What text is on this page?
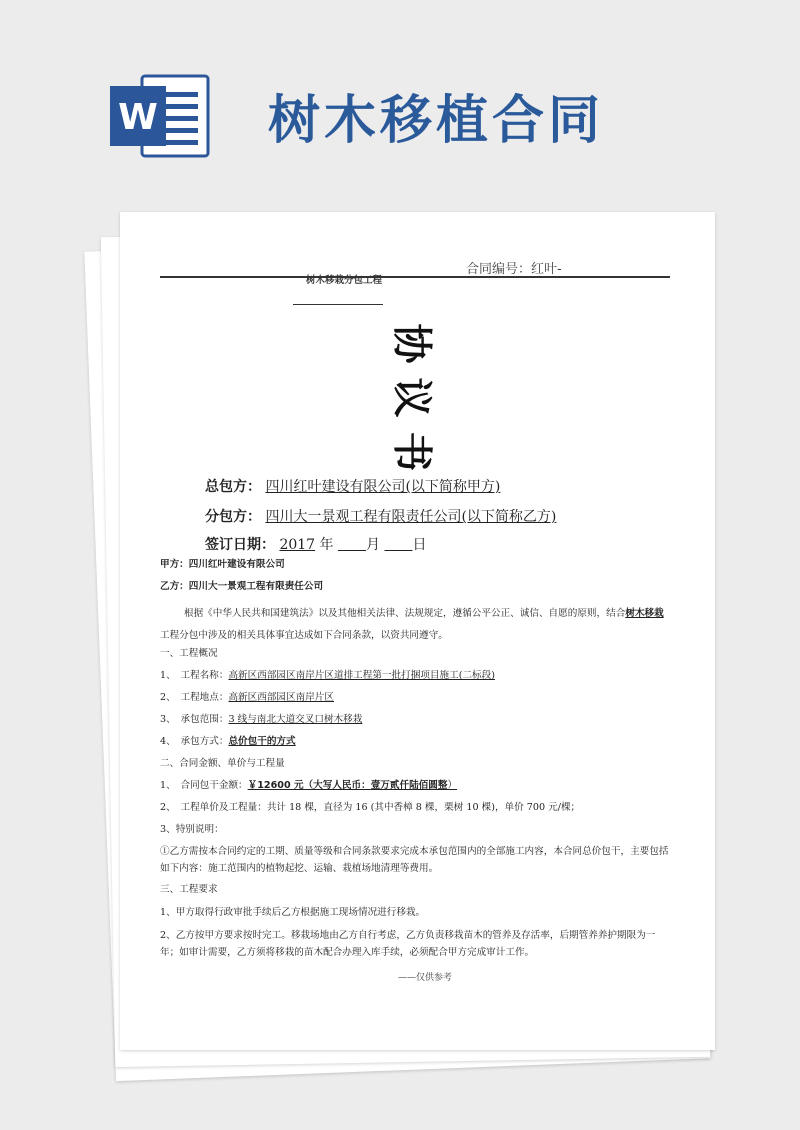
W 树木移植合同
合同编号：红叶-
树木移栽分包工程
协议书
总包方： 四川红叶建设有限公司(以下简称甲方)
分包方： 四川大一景观工程有限责任公司(以下简称乙方)
签订日期： 2017 年 　　 月 　　 日
甲方：四川红叶建设有限公司
乙方：四川大一景观工程有限责任公司
根据《中华人民共和国建筑法》以及其他相关法律、法规规定，遵循公平公正、诚信、自愿的原则，结合树木移栽工程分包中涉及的相关具体事宜达成如下合同条款，以资共同遵守。
一、工程概况
1、　工程名称：高新区西部园区南岸片区道排工程第一批打捆项目施工(二标段)
2、　工程地点：高新区西部园区南岸片区
3、　承包范围：3 线与南北大道交叉口树木移栽
4、　承包方式：总价包干的方式
二、合同金额、单价与工程量
1、　合同包干金额：￥12600 元（大写人民币：壹万贰仟陆佰圆整）
2、　工程单价及工程量：共计 18 棵，直径为 16 (其中香樟 8 棵，栗树 10 棵)，单价 700 元/棵；
3、特别说明：
①乙方需按本合同约定的工期、质量等级和合同条款要求完成本承包范围内的全部施工内容，本合同总价包干，主要包括如下内容：施工范围内的植物起挖、运输、栽植场地清理等费用。
三、工程要求
1、甲方取得行政审批手续后乙方根据施工现场情况进行移栽。
2、乙方按甲方要求按时完工。移栽场地由乙方自行考虑，乙方负责移栽苗木的管养及存活率，后期管养养护期限为一年；如审计需要，乙方须将移栽的苗木配合办理入库手续，必须配合甲方完成审计工作。
——仅供参考
